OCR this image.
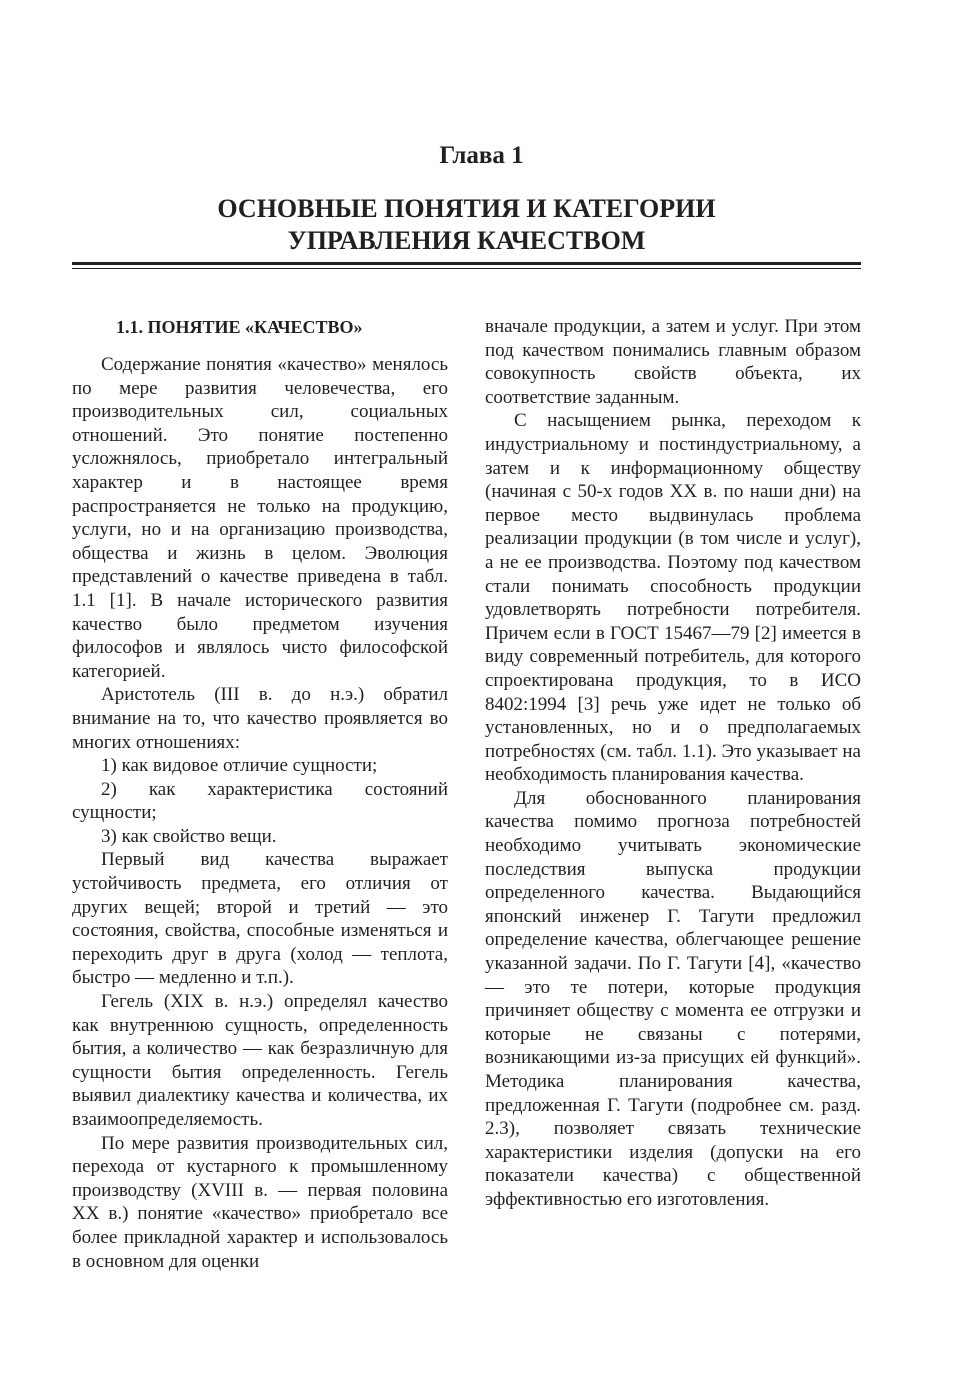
Глава 1
ОСНОВНЫЕ ПОНЯТИЯ И КАТЕГОРИИ
УПРАВЛЕНИЯ КАЧЕСТВОМ
1.1. ПОНЯТИЕ «КАЧЕСТВО»

Содержание понятия «качество» менялось по мере развития человечества, его производительных сил, социальных отношений. Это понятие постепенно усложнялось, приобретало интегральный характер и в настоящее время распространяется не только на продукцию, услуги, но и на организацию производства, общества и жизнь в целом. Эволюция представлений о качестве приведена в табл. 1.1 [1]. В начале исторического развития качество было предметом изучения философов и являлось чисто философской категорией.

Аристотель (III в. до н.э.) обратил внимание на то, что качество проявляется во многих отношениях:

1) как видовое отличие сущности;

2) как характеристика состояний сущности;

3) как свойство вещи.

Первый вид качества выражает устойчивость предмета, его отличия от других вещей; второй и третий — это состояния, свойства, способные изменяться и переходить друг в друга (холод — теплота, быстро — медленно и т.п.).

Гегель (XIX в. н.э.) определял качество как внутреннюю сущность, определенность бытия, а количество — как безразличную для сущности бытия определенность. Гегель выявил диалектику качества и количества, их взаимоопределяемость.

По мере развития производительных сил, перехода от кустарного к промышленному производству (XVIII в. — первая половина XX в.) понятие «качество» приобретало все более прикладной характер и использовалось в основном для оценки

вначале продукции, а затем и услуг. При этом под качеством понимались главным образом совокупность свойств объекта, их соответствие заданным.

С насыщением рынка, переходом к индустриальному и постиндустриальному, а затем и к информационному обществу (начиная с 50-х годов XX в. по наши дни) на первое место выдвинулась проблема реализации продукции (в том числе и услуг), а не ее производства. Поэтому под качеством стали понимать способность продукции удовлетворять потребности потребителя. Причем если в ГОСТ 15467—79 [2] имеется в виду современный потребитель, для которого спроектирована продукция, то в ИСО 8402:1994 [3] речь уже идет не только об установленных, но и о предполагаемых потребностях (см. табл. 1.1). Это указывает на необходимость планирования качества.

Для обоснованного планирования качества помимо прогноза потребностей необходимо учитывать экономические последствия выпуска продукции определенного качества. Выдающийся японский инженер Г. Тагути предложил определение качества, облегчающее решение указанной задачи. По Г. Тагути [4], «качество — это те потери, которые продукция причиняет обществу с момента ее отгрузки и которые не связаны с потерями, возникающими из-за присущих ей функций». Методика планирования качества, предложенная Г. Тагути (подробнее см. разд. 2.3), позволяет связать технические характеристики изделия (допуски на его показатели качества) с общественной эффективностью его изготовления.
